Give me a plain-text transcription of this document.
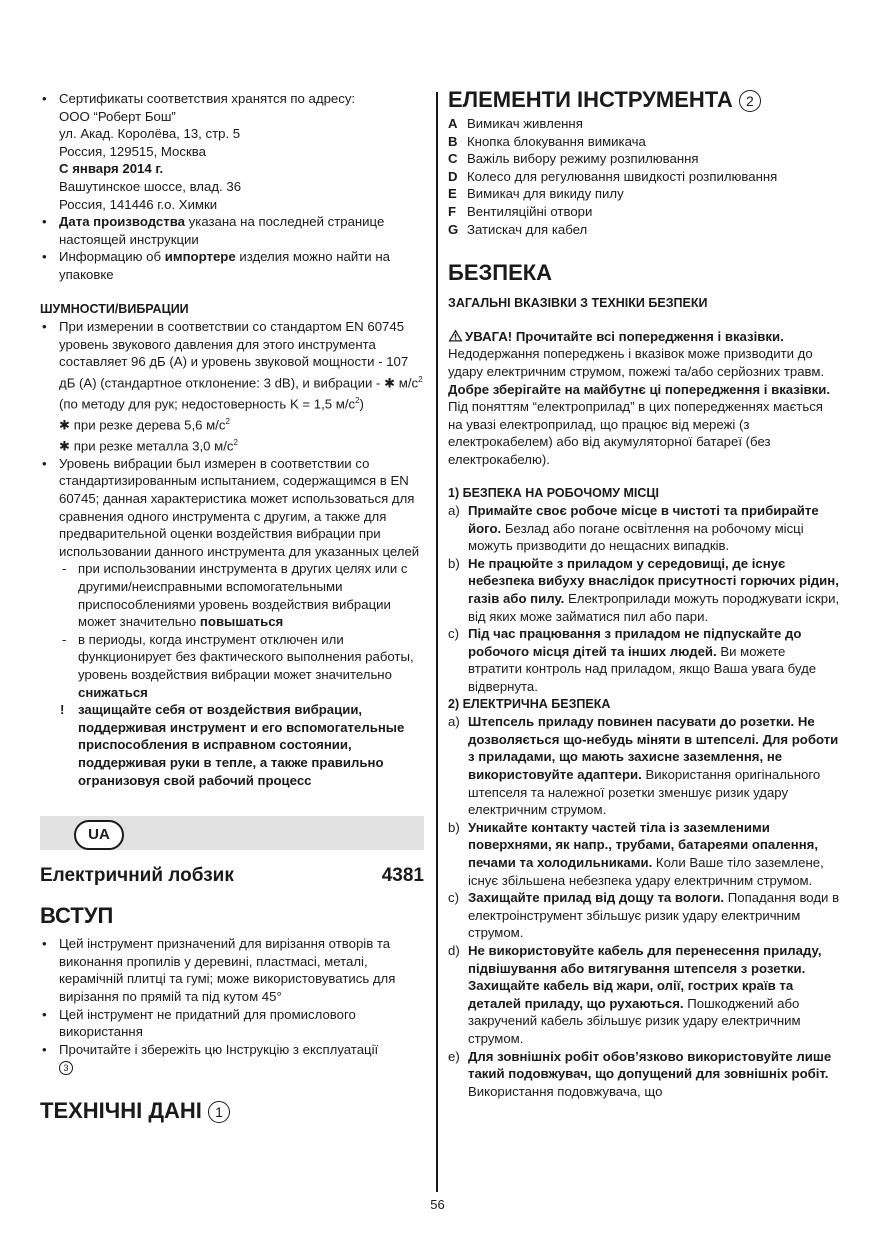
• Сертификаты соответствия хранятся по адресу:
ООО “Роберт Бош”
ул. Акад. Королёва, 13, стр. 5
Россия, 129515, Москва
С января 2014 г.
Вашутинское шоссе, влад. 36
Россия, 141446 г.о. Химки
• Дата производства указана на последней странице настоящей инструкции
• Информацию об импортере изделия можно найти на упаковке
ШУМНОСТИ/ВИБРАЦИИ
• При измерении в соответствии со стандартом EN 60745 уровень звукового давления для этого инструмента составляет 96 дБ (A) и уровень звуковой мощности - 107 дБ (A) (стандартное отклонение: 3 dB), и вибрации - ✱ $м/с^2$ (по методу для рук; недостоверность K = 1,5 $м/с^2$)
✱ при резке дерева 5,6 $м/с^2$
✱ при резке металла 3,0 $м/с^2$
• Уровень вибрации был измерен в соответствии со стандартизированным испытанием, содержащимся в EN 60745; данная характеристика может использоваться для сравнения одного инструмента с другим, а также для предварительной оценки воздействия вибрации при использовании данного инструмента для указанных целей
- при использовании инструмента в других целях или с другими/неисправными вспомогательными приспособлениями уровень воздействия вибрации может значительно повышаться
- в периоды, когда инструмент отключен или функционирует без фактического выполнения работы, уровень воздействия вибрации может значительно снижаться
! защищайте себя от воздействия вибрации, поддерживая инструмент и его вспомогательные приспособления в исправном состоянии, поддерживая руки в тепле, а также правильно огранизовуя свой рабочий процесс
UA
Електричний лобзик	4381
ВСТУП
• Цей інструмент призначений для вирізання отворів та виконання пропилів у деревині, пластмасі, металі, керамічній плитці та гумі; може використовуватись для вирізання по прямій та під кутом 45°
• Цей інструмент не придатний для промислового використання
• Прочитайте і збережіть цю Інструкцію з експлуатації
3
ТЕХНІЧНІ ДАНІ 1
ЕЛЕМЕНТИ ІНСТРУМЕНТА 2
A Вимикач живлення
B Кнопка блокування вимикача
C Важіль вибору режиму розпилювання
D Колесо для регулювання швидкості розпилювання
E Вимикач для викиду пилу
F Вентиляційні отвори
G Затискач для кабел
БЕЗПЕКА
ЗАГАЛЬНІ ВКАЗІВКИ З ТЕХНІКИ БЕЗПЕКИ
УВАГА! Прочитайте всі попередження і вказівки. Недодержання попереджень і вказівок може призводити до удару електричним струмом, пожежі та/або серйозних травм. Добре зберігайте на майбутнє ці попередження і вказівки. Під поняттям “електроприлад” в цих попередженнях мається на увазі електроприлад, що працює від мережі (з електрокабелем) або від акумуляторної батареї (без електрокабелю).
1) БЕЗПЕКА НА РОБОЧОМУ МІСЦІ
a) Примайте своє робоче місце в чистоті та прибирайте його. Безлад або погане освітлення на робочому місці можуть призводити до нещасних випадків.
b) Не працюйте з приладом у середовищі, де існує небезпека вибуху внаслідок присутності горючих рідин, газів або пилу. Електроприлади можуть породжувати іскри, від яких може займатися пил або пари.
c) Під час працювання з приладом не підпускайте до робочого місця дітей та інших людей. Ви можете втратити контроль над приладом, якщо Ваша увага буде відвернута.
2) ЕЛЕКТРИЧНА БЕЗПЕКА
a) Штепсель приладу повинен пасувати до розетки. Не дозволяється що-небудь міняти в штепселі. Для роботи з приладами, що мають захисне заземлення, не використовуйте адаптери. Використання оригінального штепселя та належної розетки зменшує ризик удару електричним струмом.
b) Уникайте контакту частей тіла із заземленими поверхнями, як напр., трубами, батареями опалення, печами та холодильниками. Коли Ваше тіло заземлене, існує збільшена небезпека удару електричним струмом.
c) Захищайте прилад від дощу та вологи. Попадання води в електроінструмент збільшує ризик удару електричним струмом.
d) Не використовуйте кабель для перенесення приладу, підвішування або витягування штепселя з розетки. Захищайте кабель від жари, олії, гострих країв та деталей приладу, що рухаються. Пошкоджений або закручений кабель збільшує ризик удару електричним струмом.
e) Для зовнішніх робіт обов’язково використовуйте лише такий подовжувач, що допущений для зовнішніх робіт. Використання подовжувача, що
56
